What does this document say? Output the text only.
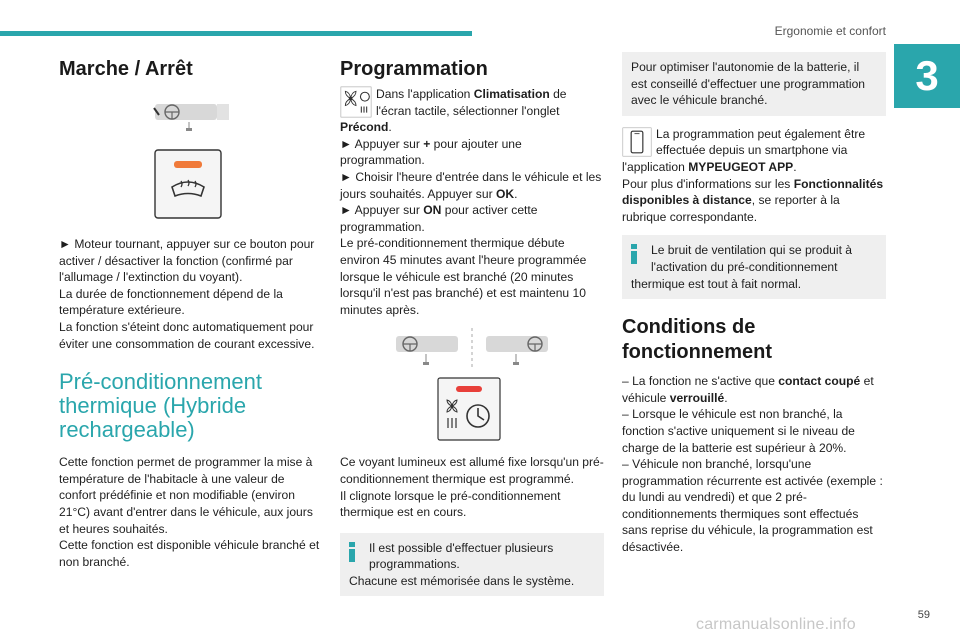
Ergonomie et confort
3
59
carmanualsonline.info
Marche / Arrêt

► Moteur tournant, appuyer sur ce bouton pour activer / désactiver la fonction (confirmé par l'allumage / l'extinction du voyant).

La durée de fonctionnement dépend de la température extérieure.

La fonction s'éteint donc automatiquement pour éviter une consommation de courant excessive.

Pré-conditionnement thermique (Hybride rechargeable)

Cette fonction permet de programmer la mise à température de l'habitacle à une valeur de confort prédéfinie et non modifiable (environ 21°C) avant d'entrer dans le véhicule, aux jours et heures souhaités.

Cette fonction est disponible véhicule branché et non branché.

Programmation
Dans l'application Climatisation de l'écran tactile, sélectionner l'onglet Précond.

► Appuyer sur + pour ajouter une programmation.

► Choisir l'heure d'entrée dans le véhicule et les jours souhaités. Appuyer sur OK.

► Appuyer sur ON pour activer cette programmation.

Le pré-conditionnement thermique débute environ 45 minutes avant l'heure programmée lorsque le véhicule est branché (20 minutes lorsqu'il n'est pas branché) et est maintenu 10 minutes après.

Ce voyant lumineux est allumé fixe lorsqu'un pré-conditionnement thermique est programmé.

Il clignote lorsque le pré-conditionnement thermique est en cours.

Il est possible d'effectuer plusieurs programmations.

Chacune est mémorisée dans le système.

Pour optimiser l'autonomie de la batterie, il est conseillé d'effectuer une programmation avec le véhicule branché.

La programmation peut également être effectuée depuis un smartphone via l'application MYPEUGEOT APP.

Pour plus d'informations sur les Fonctionnalités disponibles à distance, se reporter à la rubrique correspondante.

Le bruit de ventilation qui se produit à l'activation du pré-conditionnement thermique est tout à fait normal.

Conditions de fonctionnement

– La fonction ne s'active que contact coupé et véhicule verrouillé.

– Lorsque le véhicule est non branché, la fonction s'active uniquement si le niveau de charge de la batterie est supérieur à 20%.

– Véhicule non branché, lorsqu'une programmation récurrente est activée (exemple : du lundi au vendredi) et que 2 pré-conditionnements thermiques sont effectués sans reprise du véhicule, la programmation est désactivée.
